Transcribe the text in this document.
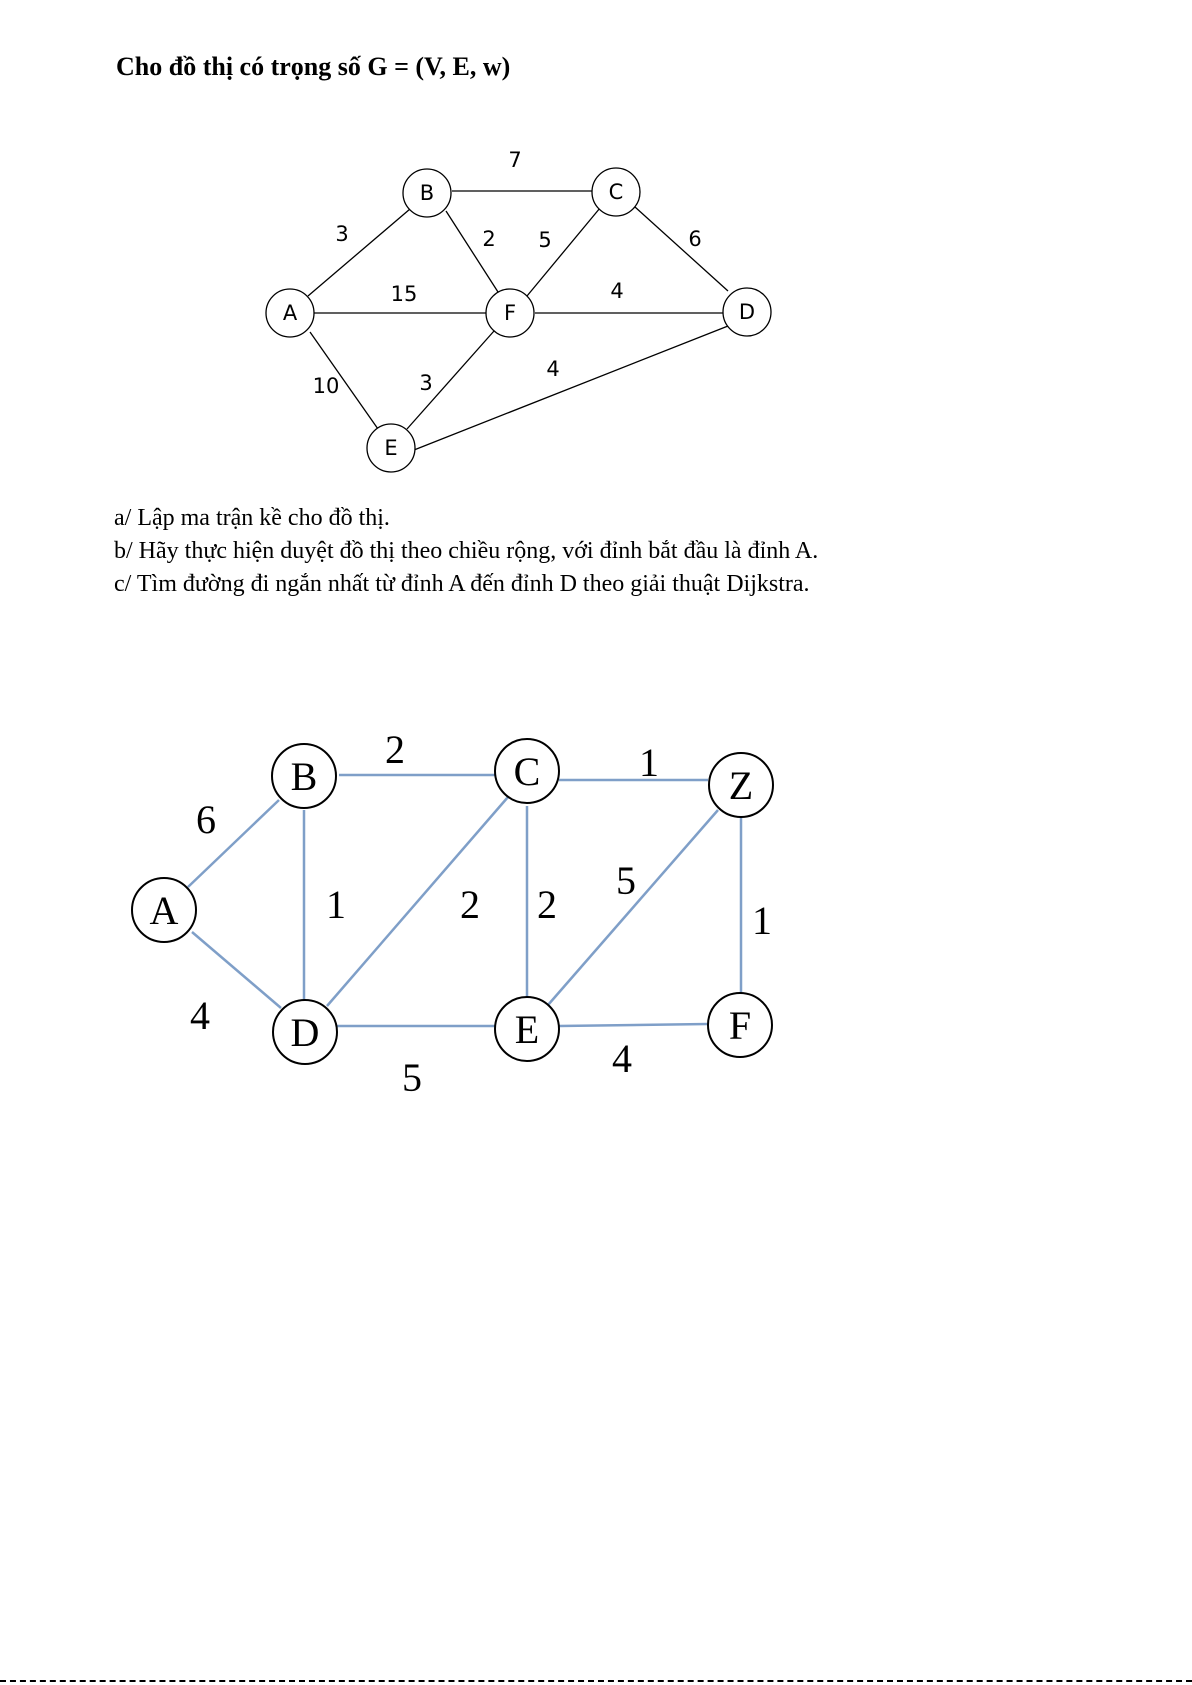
Cho đồ thị có trọng số G = (V, E, w)
A
B	C
D
E
F
7
3	2 5	6
15	4
10	3
4
a/ Lập ma trận kề cho đồ thị.
b/ Hãy thực hiện duyệt đồ thị theo chiều rộng, với đỉnh bắt đầu là đỉnh A.
c/ Tìm đường đi ngắn nhất từ đỉnh A đến đỉnh D theo giải thuật Dijkstra.
A
B	C	Z
D	E	F
6
4
2
1	2 2
1
5
1
5	4
